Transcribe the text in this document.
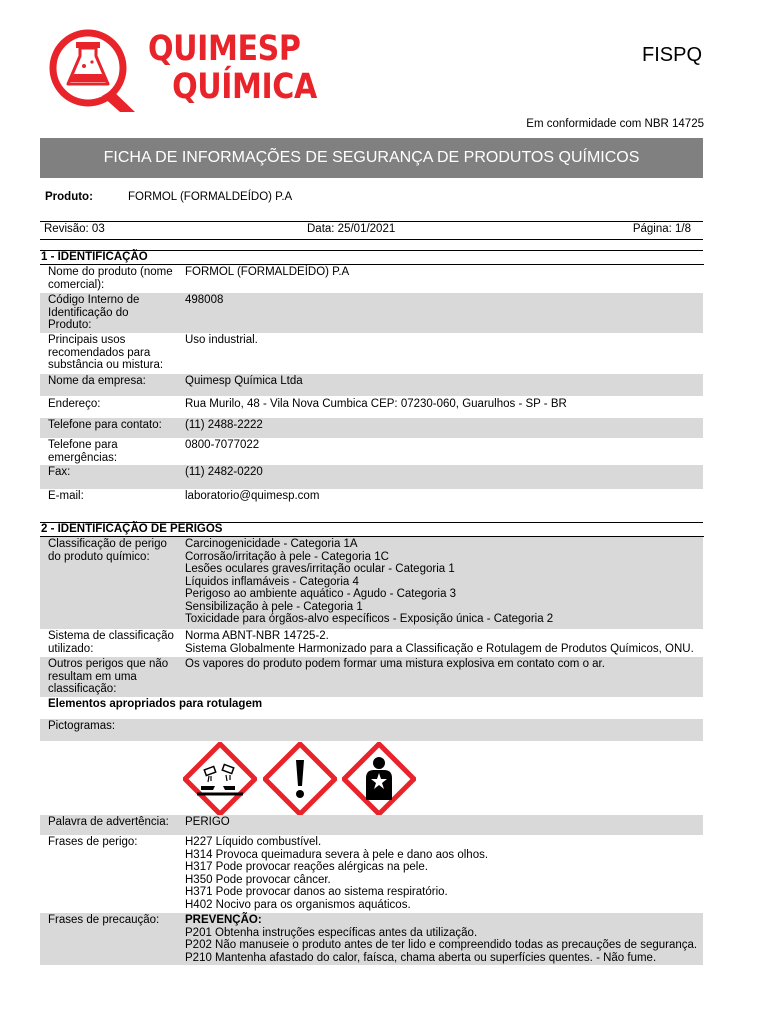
QUIMESP
QUÍMICA
FISPQ
Em conformidade com NBR 14725
FICHA DE INFORMAÇÕES DE SEGURANÇA DE PRODUTOS QUÍMICOS
Produto:	FORMOL (FORMALDEÍDO) P.A
Revisão: 03	Data: 25/01/2021	Página: 1/8
1 - IDENTIFICAÇÃO
Nome do produto (nome comercial):
FORMOL (FORMALDEÍDO) P.A
Código Interno de Identificação do Produto:
498008
Principais usos recomendados para substância ou mistura:
Uso industrial.
Nome da empresa:	Quimesp Química Ltda
Endereço:	Rua Murilo, 48 - Vila Nova Cumbica CEP: 07230-060, Guarulhos - SP - BR
Telefone para contato:	(11) 2488-2222
Telefone para emergências:
0800-7077022
Fax:	(11) 2482-0220
E-mail:	laboratorio@quimesp.com
2 - IDENTIFICAÇÃO DE PERIGOS
Classificação de perigo do produto químico:
Carcinogenicidade - Categoria 1A
Corrosão/irritação à pele - Categoria 1C
Lesões oculares graves/irritação ocular - Categoria 1
Líquidos inflamáveis - Categoria 4
Perigoso ao ambiente aquático - Agudo - Categoria 3
Sensibilização à pele - Categoria 1
Toxicidade para órgãos-alvo específicos - Exposição única - Categoria 2
Sistema de classificação utilizado:
Norma ABNT-NBR 14725-2.
Sistema Globalmente Harmonizado para a Classificação e Rotulagem de Produtos Químicos, ONU.
Outros perigos que não resultam em uma classificação:
Os vapores do produto podem formar uma mistura explosiva em contato com o ar.
Elementos apropriados para rotulagem
Pictogramas:
Palavra de advertência:	PERIGO
Frases de perigo:	H227 Líquido combustível.
H314 Provoca queimadura severa à pele e dano aos olhos.
H317 Pode provocar reações alérgicas na pele.
H350 Pode provocar câncer.
H371 Pode provocar danos ao sistema respiratório.
H402 Nocivo para os organismos aquáticos.
Frases de precaução:	PREVENÇÃO:
P201 Obtenha instruções específicas antes da utilização.
P202 Não manuseie o produto antes de ter lido e compreendido todas as precauções de segurança.
P210 Mantenha afastado do calor, faísca, chama aberta ou superfícies quentes. - Não fume.
